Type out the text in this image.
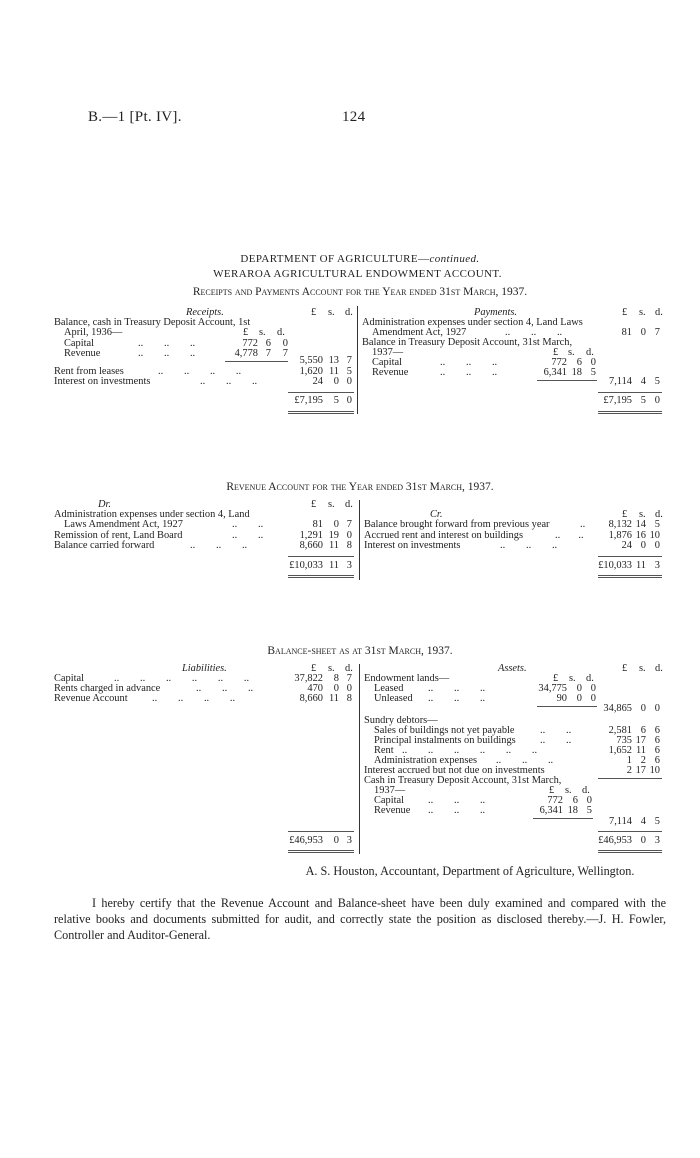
B.—1 [Pt. IV].	124
DEPARTMENT OF AGRICULTURE—continued.
WERAROA AGRICULTURAL ENDOWMENT ACCOUNT.
Receipts and Payments Account for the Year ended 31st March, 1937.
Receipts.	£ s. d.
Balance, cash in Treasury Deposit Account, 1st
April, 1936—	£ s. d.
Capital	..        ..        ..	772 6	0
Revenue	..        ..        ..	4,778 7	7
5,550 13 7
Rent from leases	..        ..        ..        ..	1,620 11 5
Interest on investments	..        ..        ..	24	0 0
£7,195	5 0
Payments.	£ s. d.
Administration expenses under section 4, Land Laws
Amendment Act, 1927	..        ..        ..	81 0 7
Balance in Treasury Deposit Account, 31st March,
1937—	£ s. d.
Capital	..        ..        ..	772 6 0
Revenue	..        ..        ..	6,341 18 5
7,114 4 5
£7,195 5 0
Revenue Account for the Year ended 31st March, 1937.
Dr.	£ s. d.
Administration expenses under section 4, Land
Laws Amendment Act, 1927	..        ..	81	0 7
Remission of rent, Land Board	..        ..	1,291 19 0
Balance carried forward	..        ..        ..	8,660 11 8
£10,033 11 3
Cr.	£ s. d.
Balance brought forward from previous year	..	8,132 14 5
Accrued rent and interest on buildings	..       ..	1,876 16 10
Interest on investments	..        ..        ..	24 0 0
£10,033 11 3
Balance-sheet as at 31st March, 1937.
Liabilities.	£ s. d.
Capital	..        ..        ..        ..        ..        ..	37,822	8 7
Rents charged in advance	..        ..        ..	470	0 0
Revenue Account ..        ..        ..        ..	8,660 11 8
£46,953	0 3
Assets.	£ s. d.
Endowment lands—	£ s. d.
Leased ..        ..        ..	34,775 0 0
Unleased ..        ..        ..	90 0 0
34,865 0 0
Sundry debtors—
Sales of buildings not yet payable ..        ..	2,581 6 6
Principal instalments on buildings ..        ..	735 17 6
Rent ..        ..        ..        ..        ..        ..	1,652 11 6
Administration expenses ..        ..        ..	1 2 6
Interest accrued but not due on investments	2 17 10
Cash in Treasury Deposit Account, 31st March,
1937—	£ s. d.
Capital ..        ..        ..	772 6 0
Revenue ..        ..        ..	6,341 18 5
7,114 4 5
£46,953 0 3
A. S. Houston, Accountant, Department of Agriculture, Wellington.
I hereby certify that the Revenue Account and Balance-sheet have been duly examined and compared with the relative books and documents submitted for audit, and correctly state the position as disclosed thereby.—J. H. Fowler, Controller and Auditor-General.
